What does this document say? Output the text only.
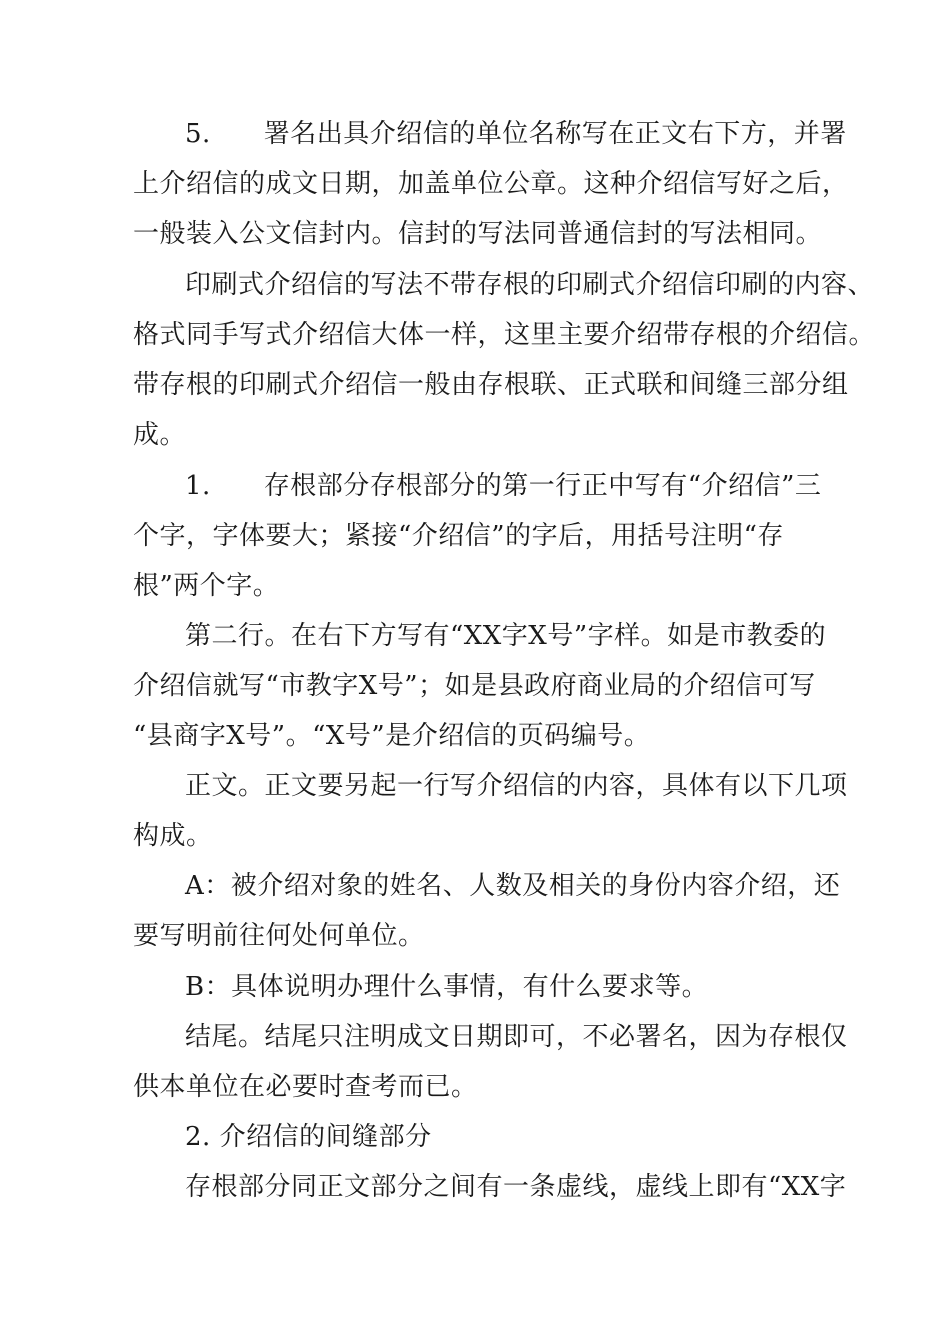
5.　　署名出具介绍信的单位名称写在正文右下方，并署
上介绍信的成文日期，加盖单位公章。这种介绍信写好之后，
一般装入公文信封内。信封的写法同普通信封的写法相同。
印刷式介绍信的写法不带存根的印刷式介绍信印刷的内容、
格式同手写式介绍信大体一样，这里主要介绍带存根的介绍信。
带存根的印刷式介绍信一般由存根联、正式联和间缝三部分组
成。
1.　　存根部分存根部分的第一行正中写有“介绍信”三
个字，字体要大；紧接“介绍信”的字后，用括号注明“存
根”两个字。
第二行。在右下方写有“XX字X号”字样。如是市教委的
介绍信就写“市教字X号”；如是县政府商业局的介绍信可写
“县商字X号”。“X号”是介绍信的页码编号。
正文。正文要另起一行写介绍信的内容，具体有以下几项
构成。
A：被介绍对象的姓名、人数及相关的身份内容介绍，还
要写明前往何处何单位。
B：具体说明办理什么事情，有什么要求等。
结尾。结尾只注明成文日期即可，不必署名，因为存根仅
供本单位在必要时查考而已。
2. 介绍信的间缝部分
存根部分同正文部分之间有一条虚线，虚线上即有“XX字
